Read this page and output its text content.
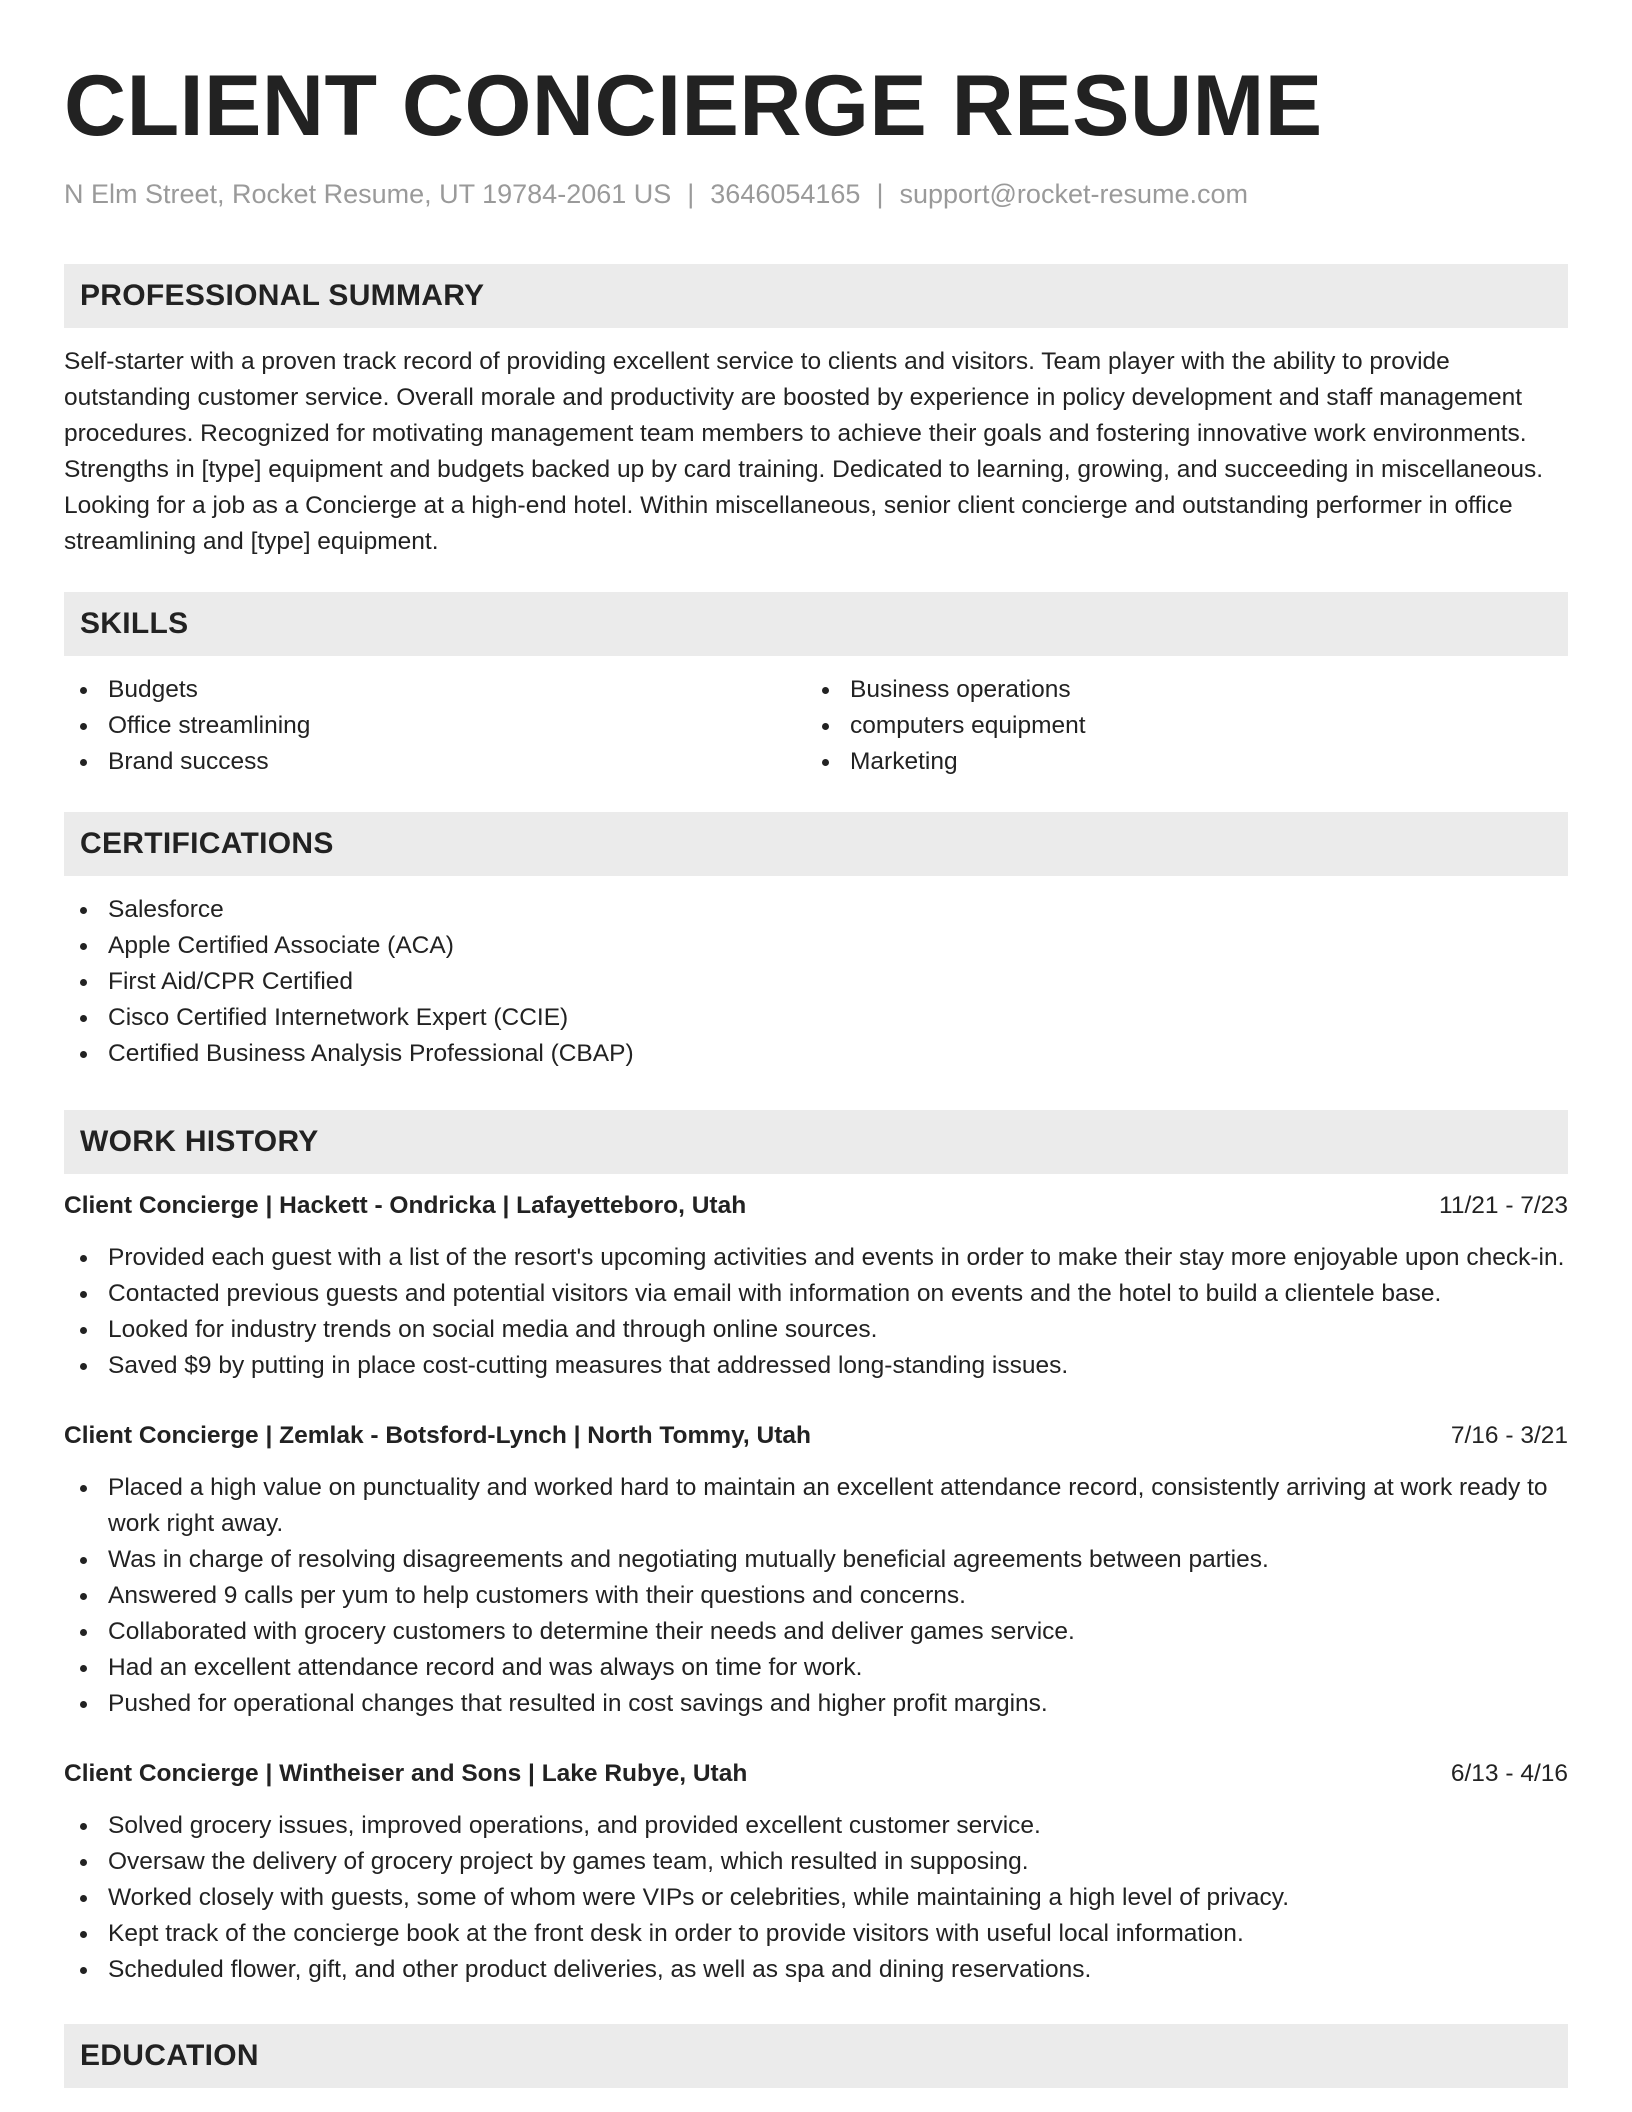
CLIENT CONCIERGE RESUME
N Elm Street, Rocket Resume, UT 19784-2061 US | 3646054165 | support@rocket-resume.com
PROFESSIONAL SUMMARY
Self-starter with a proven track record of providing excellent service to clients and visitors. Team player with the ability to provide outstanding customer service. Overall morale and productivity are boosted by experience in policy development and staff management procedures. Recognized for motivating management team members to achieve their goals and fostering innovative work environments. Strengths in [type] equipment and budgets backed up by card training. Dedicated to learning, growing, and succeeding in miscellaneous. Looking for a job as a Concierge at a high-end hotel. Within miscellaneous, senior client concierge and outstanding performer in office streamlining and [type] equipment.
SKILLS
Budgets
Office streamlining
Brand success
Business operations
computers equipment
Marketing
CERTIFICATIONS
Salesforce
Apple Certified Associate (ACA)
First Aid/CPR Certified
Cisco Certified Internetwork Expert (CCIE)
Certified Business Analysis Professional (CBAP)
WORK HISTORY
Client Concierge | Hackett - Ondricka | Lafayetteboro, Utah	11/21 - 7/23
Provided each guest with a list of the resort's upcoming activities and events in order to make their stay more enjoyable upon check-in.
Contacted previous guests and potential visitors via email with information on events and the hotel to build a clientele base.
Looked for industry trends on social media and through online sources.
Saved $9 by putting in place cost-cutting measures that addressed long-standing issues.
Client Concierge | Zemlak - Botsford-Lynch | North Tommy, Utah	7/16 - 3/21
Placed a high value on punctuality and worked hard to maintain an excellent attendance record, consistently arriving at work ready to work right away.
Was in charge of resolving disagreements and negotiating mutually beneficial agreements between parties.
Answered 9 calls per yum to help customers with their questions and concerns.
Collaborated with grocery customers to determine their needs and deliver games service.
Had an excellent attendance record and was always on time for work.
Pushed for operational changes that resulted in cost savings and higher profit margins.
Client Concierge | Wintheiser and Sons | Lake Rubye, Utah	6/13 - 4/16
Solved grocery issues, improved operations, and provided excellent customer service.
Oversaw the delivery of grocery project by games team, which resulted in supposing.
Worked closely with guests, some of whom were VIPs or celebrities, while maintaining a high level of privacy.
Kept track of the concierge book at the front desk in order to provide visitors with useful local information.
Scheduled flower, gift, and other product deliveries, as well as spa and dining reservations.
EDUCATION
